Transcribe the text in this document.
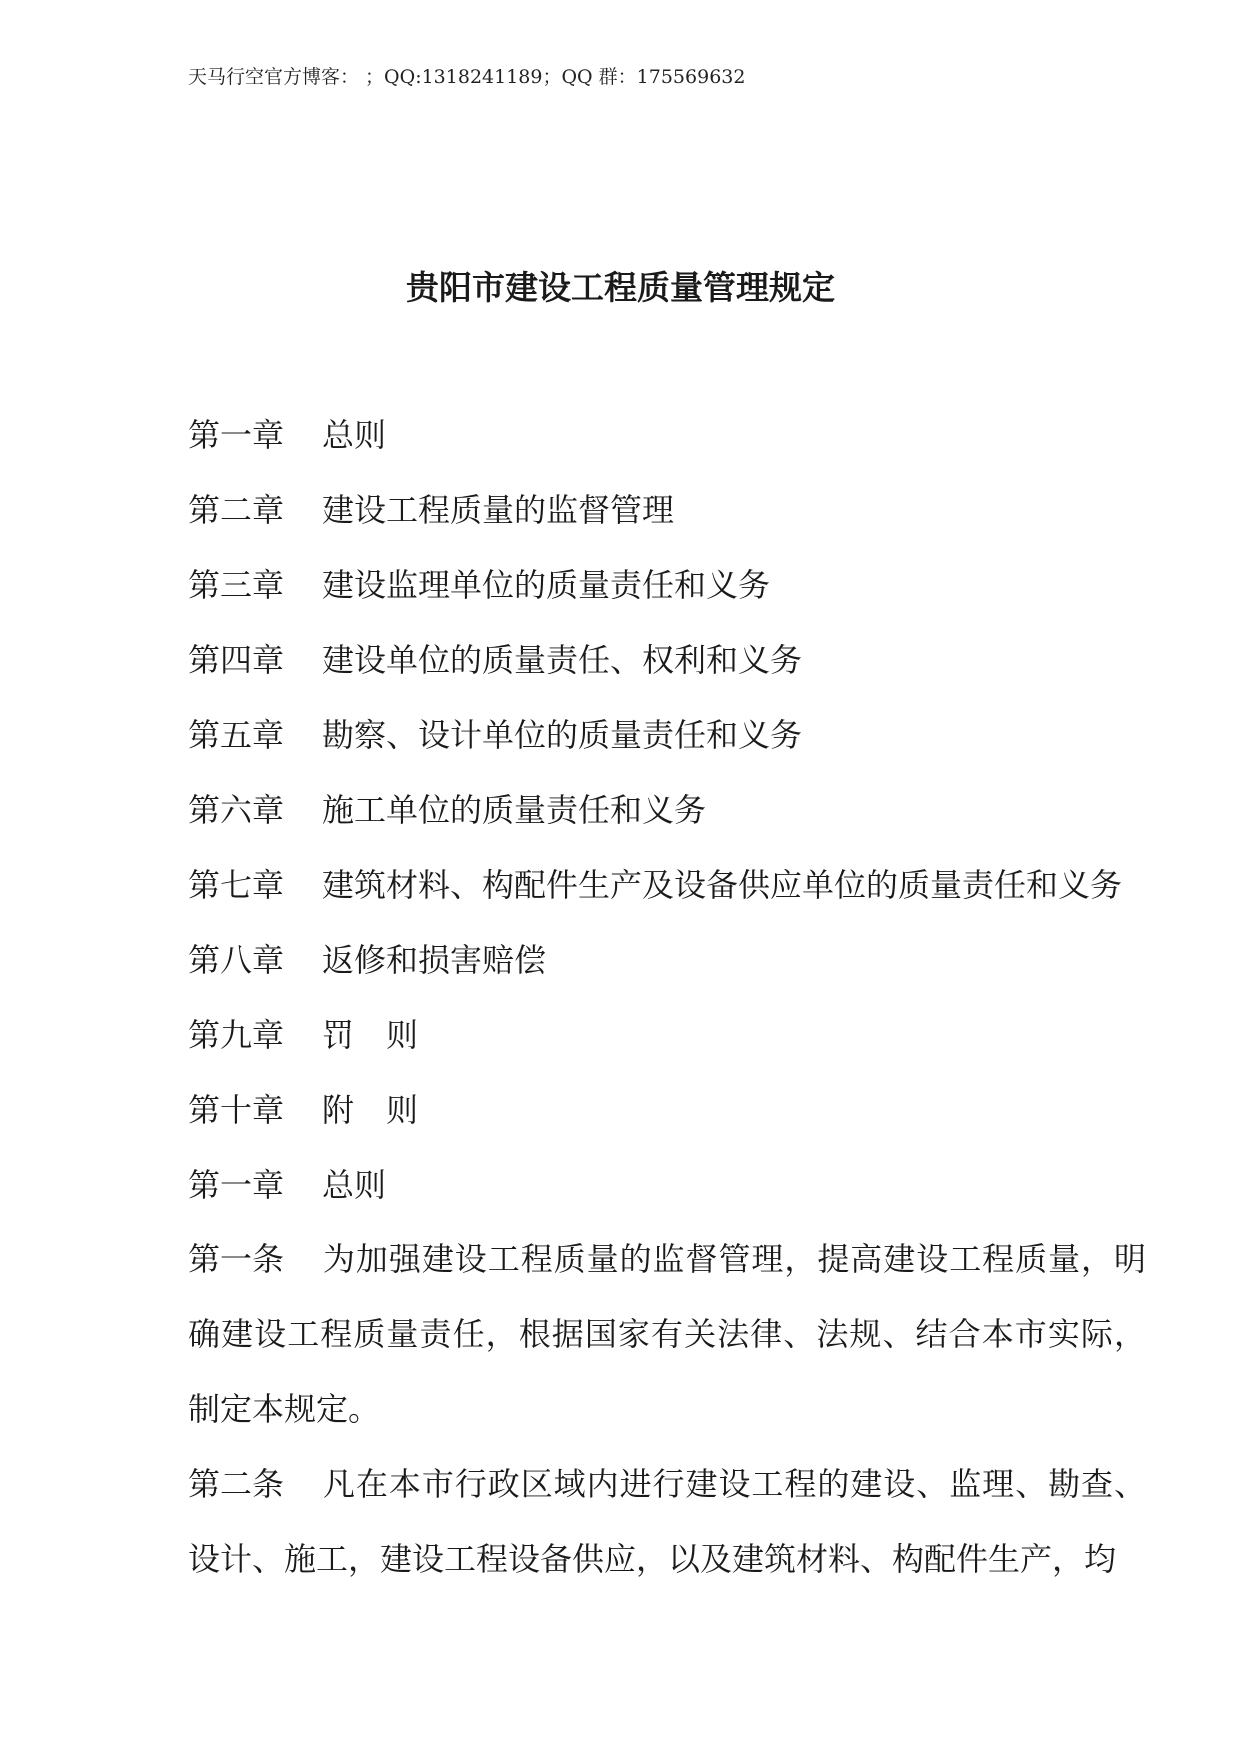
天马行空官方博客： ；QQ:1318241189；QQ 群：175569632
贵阳市建设工程质量管理规定
第一章 总则
第二章 建设工程质量的监督管理
第三章 建设监理单位的质量责任和义务
第四章 建设单位的质量责任、权利和义务
第五章 勘察、设计单位的质量责任和义务
第六章 施工单位的质量责任和义务
第七章 建筑材料、构配件生产及设备供应单位的质量责任和义务
第八章 返修和损害赔偿
第九章 罚　则
第十章 附　则
第一章 总则
第一条 为加强建设工程质量的监督管理，提高建设工程质量，明确建设工程质量责任，根据国家有关法律、法规、结合本市实际，制定本规定。
第二条 凡在本市行政区域内进行建设工程的建设、监理、勘查、设计、施工，建设工程设备供应，以及建筑材料、构配件生产，均
